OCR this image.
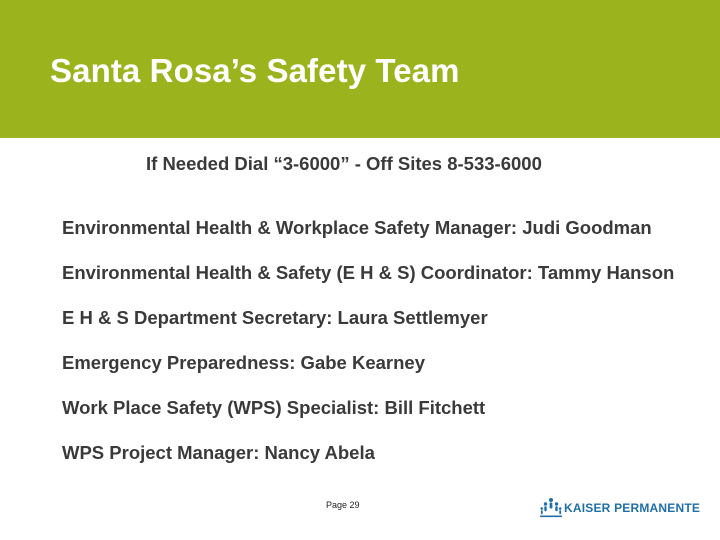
Santa Rosa’s Safety Team

If Needed Dial “3-6000” - Off Sites 8-533-6000

Environmental Health & Workplace Safety Manager: Judi Goodman
Environmental Health & Safety (E H & S) Coordinator: Tammy Hanson
E H & S Department Secretary: Laura Settlemyer
Emergency Preparedness: Gabe Kearney
Work Place Safety (WPS) Specialist: Bill Fitchett
WPS Project Manager: Nancy Abela
Page 29	KAISER PERMANENTE
